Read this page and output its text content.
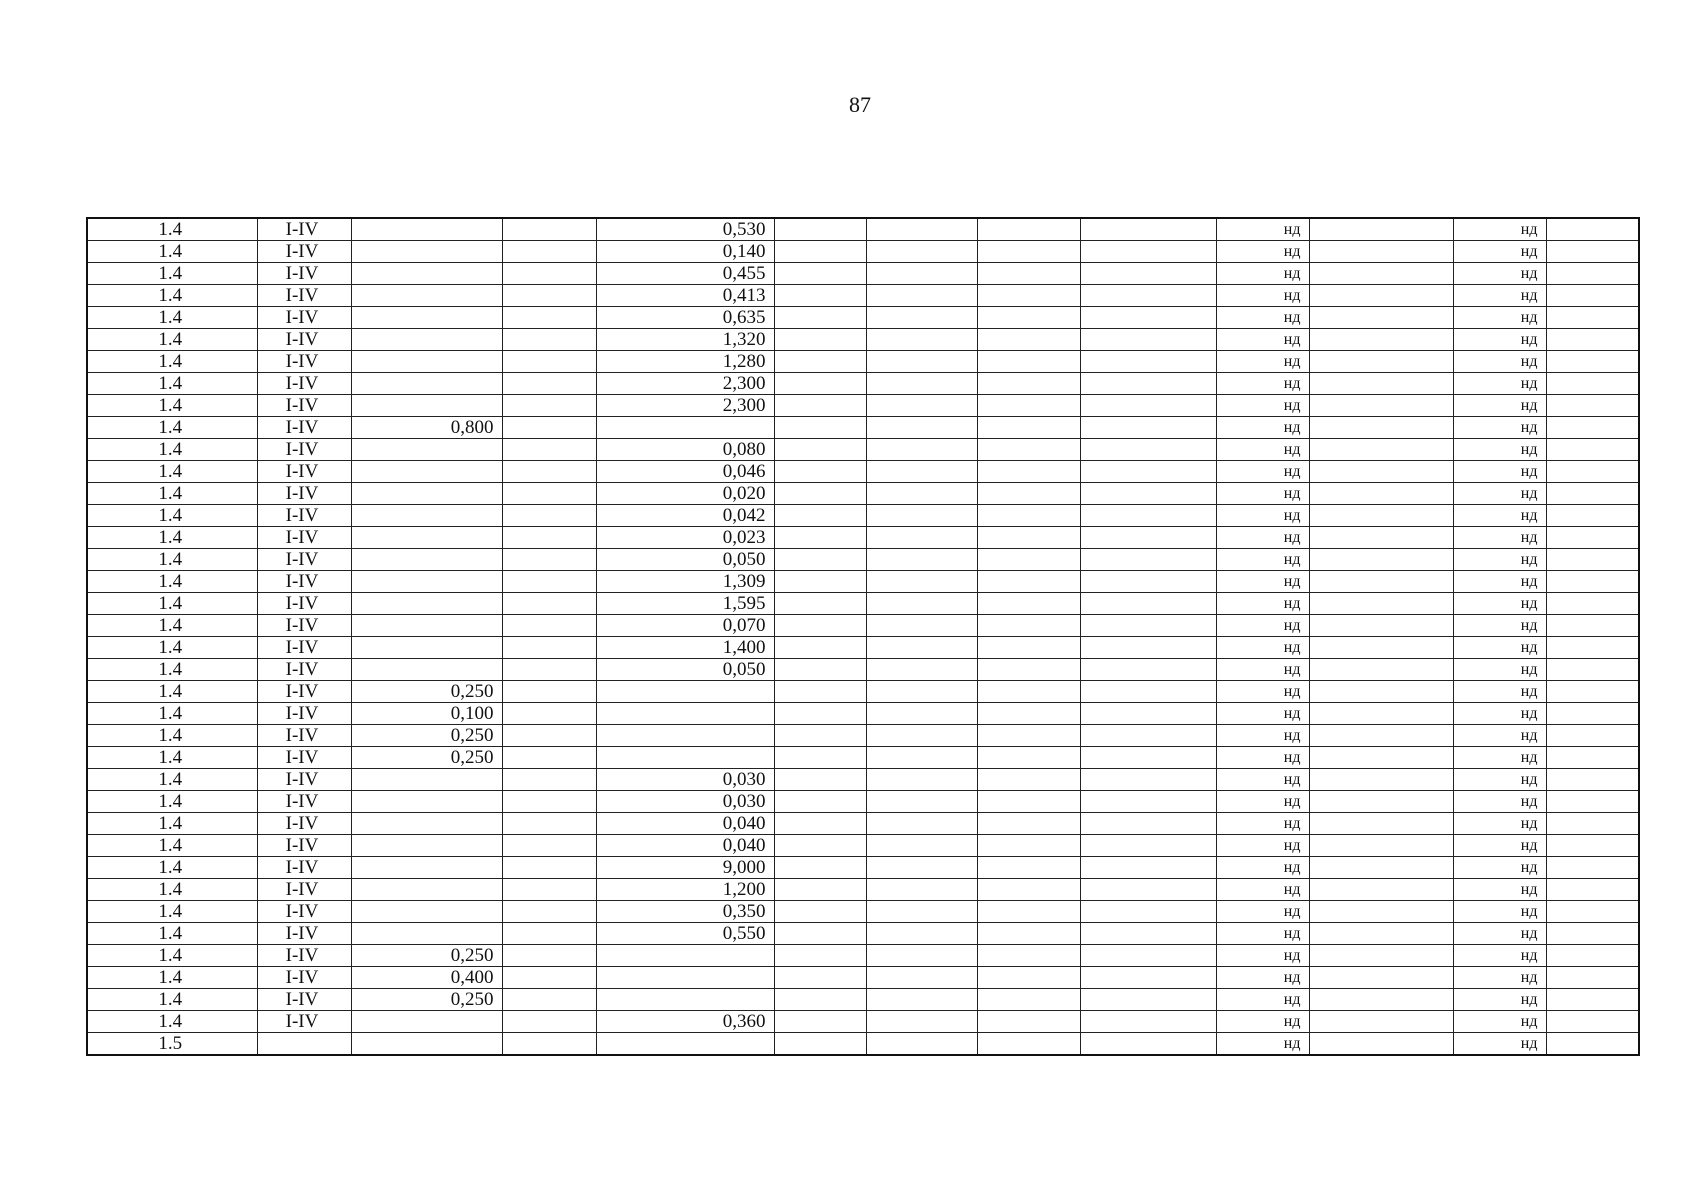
87
1.4	I-IV			0,530					нд		нд	
1.4	I-IV			0,140					нд		нд	
1.4	I-IV			0,455					нд		нд	
1.4	I-IV			0,413					нд		нд	
1.4	I-IV			0,635					нд		нд	
1.4	I-IV			1,320					нд		нд	
1.4	I-IV			1,280					нд		нд	
1.4	I-IV			2,300					нд		нд	
1.4	I-IV			2,300					нд		нд	
1.4	I-IV	0,800							нд		нд	
1.4	I-IV			0,080					нд		нд	
1.4	I-IV			0,046					нд		нд	
1.4	I-IV			0,020					нд		нд	
1.4	I-IV			0,042					нд		нд	
1.4	I-IV			0,023					нд		нд	
1.4	I-IV			0,050					нд		нд	
1.4	I-IV			1,309					нд		нд	
1.4	I-IV			1,595					нд		нд	
1.4	I-IV			0,070					нд		нд	
1.4	I-IV			1,400					нд		нд	
1.4	I-IV			0,050					нд		нд	
1.4	I-IV	0,250							нд		нд	
1.4	I-IV	0,100							нд		нд	
1.4	I-IV	0,250							нд		нд	
1.4	I-IV	0,250							нд		нд	
1.4	I-IV			0,030					нд		нд	
1.4	I-IV			0,030					нд		нд	
1.4	I-IV			0,040					нд		нд	
1.4	I-IV			0,040					нд		нд	
1.4	I-IV			9,000					нд		нд	
1.4	I-IV			1,200					нд		нд	
1.4	I-IV			0,350					нд		нд	
1.4	I-IV			0,550					нд		нд	
1.4	I-IV	0,250							нд		нд	
1.4	I-IV	0,400							нд		нд	
1.4	I-IV	0,250							нд		нд	
1.4	I-IV			0,360					нд		нд	
1.5									нд		нд	
